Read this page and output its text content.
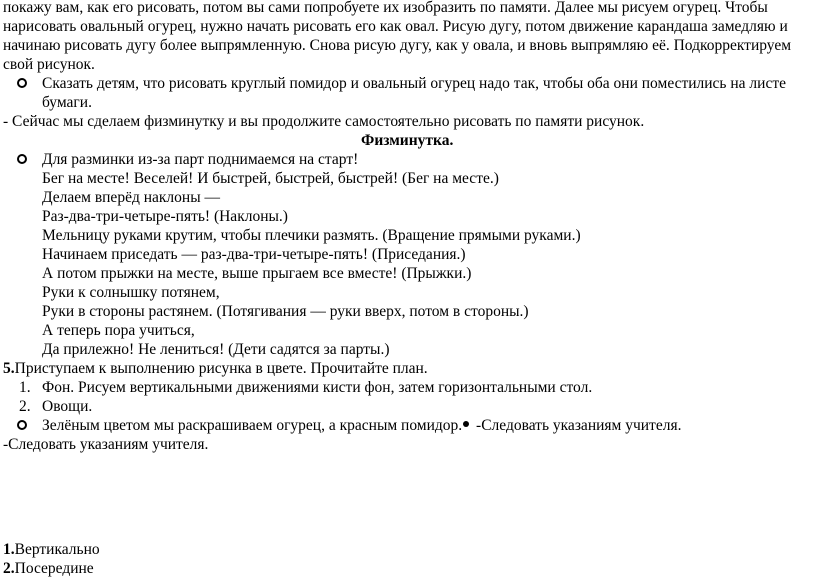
покажу вам, как его рисовать, потом вы сами попробуете их изобразить по памяти. Далее мы рисуем огурец. Чтобы
нарисовать овальный огурец, нужно начать рисовать его как овал. Рисую дугу, потом движение карандаша замедляю и
начинаю рисовать дугу более выпрямленную. Снова рисую дугу, как у овала, и вновь выпрямляю её. Подкорректируем
свой рисунок.
Сказать детям, что рисовать круглый помидор и овальный огурец надо так, чтобы оба они поместились на листе
бумаги.
- Сейчас мы сделаем физминутку и вы продолжите самостоятельно рисовать по памяти рисунок.
Физминутка.
Для разминки из-за парт поднимаемся на старт!
Бег на месте! Веселей! И быстрей, быстрей, быстрей! (Бег на месте.)
Делаем вперёд наклоны —
Раз-два-три-четыре-пять! (Наклоны.)
Мельницу руками крутим, чтобы плечики размять. (Вращение прямыми руками.)
Начинаем приседать — раз-два-три-четыре-пять! (Приседания.)
А потом прыжки на месте, выше прыгаем все вместе! (Прыжки.)
Руки к солнышку потянем,
Руки в стороны растянем. (Потягивания — руки вверх, потом в стороны.)
А теперь пора учиться,
Да прилежно! Не лениться! (Дети садятся за парты.)
5.Приступаем к выполнению рисунка в цвете. Прочитайте план.
1. Фон. Рисуем вертикальными движениями кисти фон, затем горизонтальными стол.
2. Овощи.
Зелёным цветом мы раскрашиваем огурец, а красным помидор. -Следовать указаниям учителя.
-Следовать указаниям учителя.
1.Вертикально
2.Посередине
